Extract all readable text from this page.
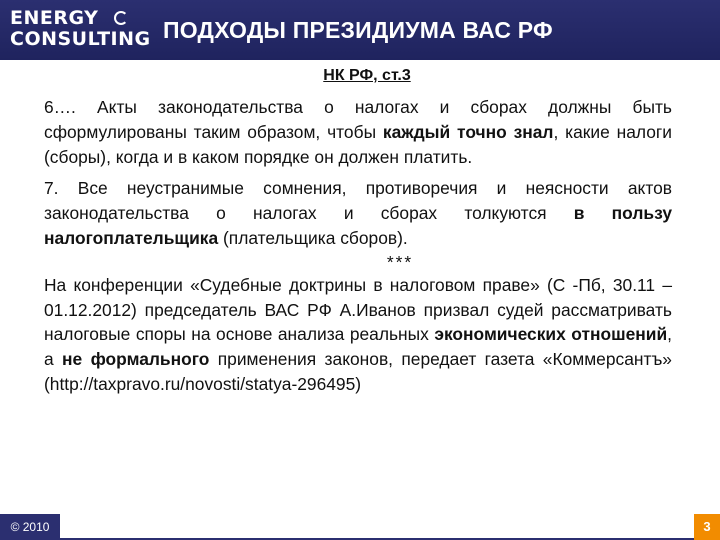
ENERGY
CONSULTING ПОДХОДЫ ПРЕЗИДИУМА ВАС РФ
НК РФ, ст.3

6…. Акты законодательства о налогах и сборах должны быть сформулированы таким образом, чтобы каждый точно знал, какие налоги (сборы), когда и в каком порядке он должен платить.

7. Все неустранимые сомнения, противоречия и неясности актов законодательства о налогах и сборах толкуются в пользу налогоплательщика (плательщика сборов).

***

На конференции «Судебные доктрины в налоговом праве» (С -Пб, 30.11 – 01.12.2012) председатель ВАС РФ А.Иванов призвал судей рассматривать налоговые споры на основе анализа реальных экономических отношений, а не формального применения законов, передает газета «Коммерсантъ» (http://taxpravo.ru/novosti/statya-296495)

© 2010	3
